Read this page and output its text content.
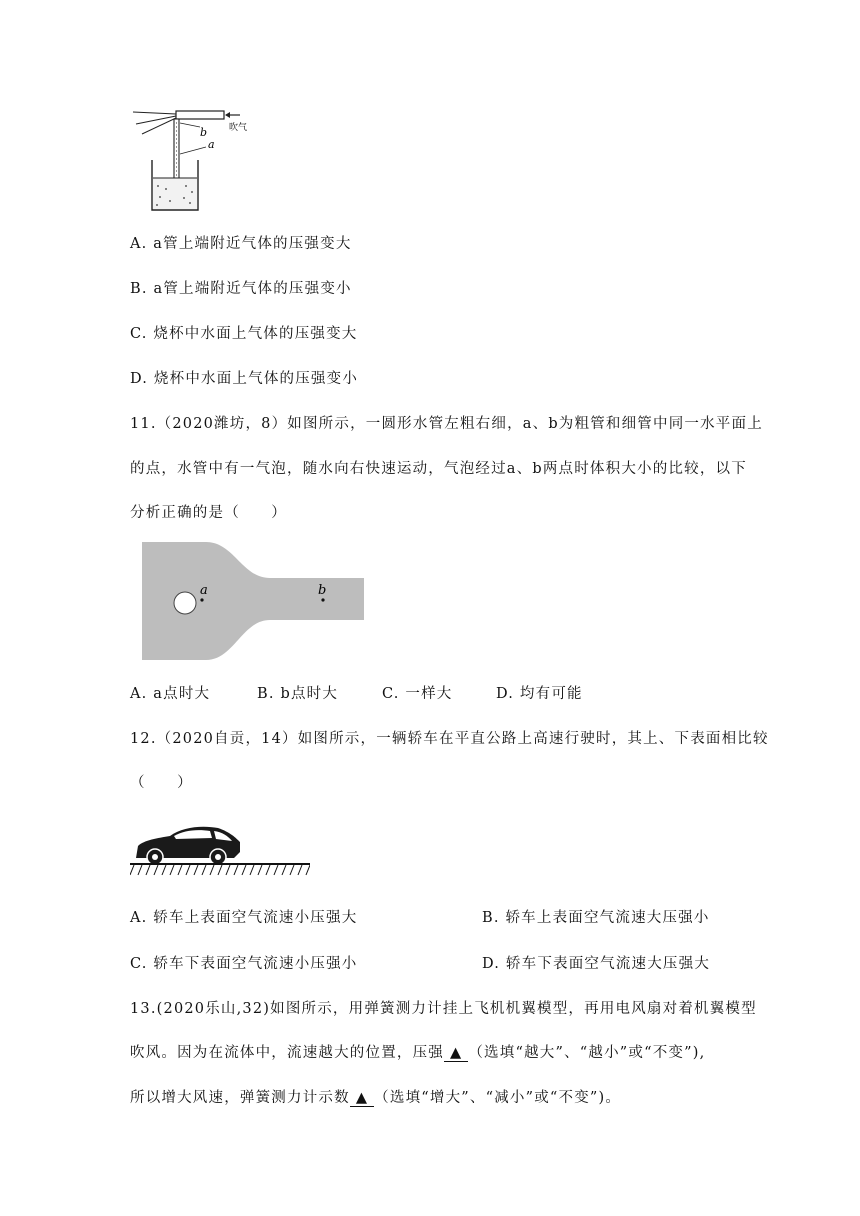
b
a
吹气
A. a管上端附近气体的压强变大
B. a管上端附近气体的压强变小
C. 烧杯中水面上气体的压强变大
D. 烧杯中水面上气体的压强变小
11.（2020潍坊，8）如图所示，一圆形水管左粗右细，a、b为粗管和细管中同一水平面上
的点，水管中有一气泡，随水向右快速运动，气泡经过a、b两点时体积大小的比较，以下
分析正确的是（　　）
a	b
A. a点时大	B. b点时大	C. 一样大	D. 均有可能
12.（2020自贡，14）如图所示，一辆轿车在平直公路上高速行驶时，其上、下表面相比较
（　　）
A. 轿车上表面空气流速小压强大	B. 轿车上表面空气流速大压强小
C. 轿车下表面空气流速小压强小	D. 轿车下表面空气流速大压强大
13.(2020乐山,32)如图所示，用弹簧测力计挂上飞机机翼模型，再用电风扇对着机翼模型
吹风。因为在流体中，流速越大的位置，压强 ▲ （选填“越大”、“越小”或“不变”),
所以增大风速，弹簧测力计示数 ▲ （选填“增大”、“减小”或“不变”)。
